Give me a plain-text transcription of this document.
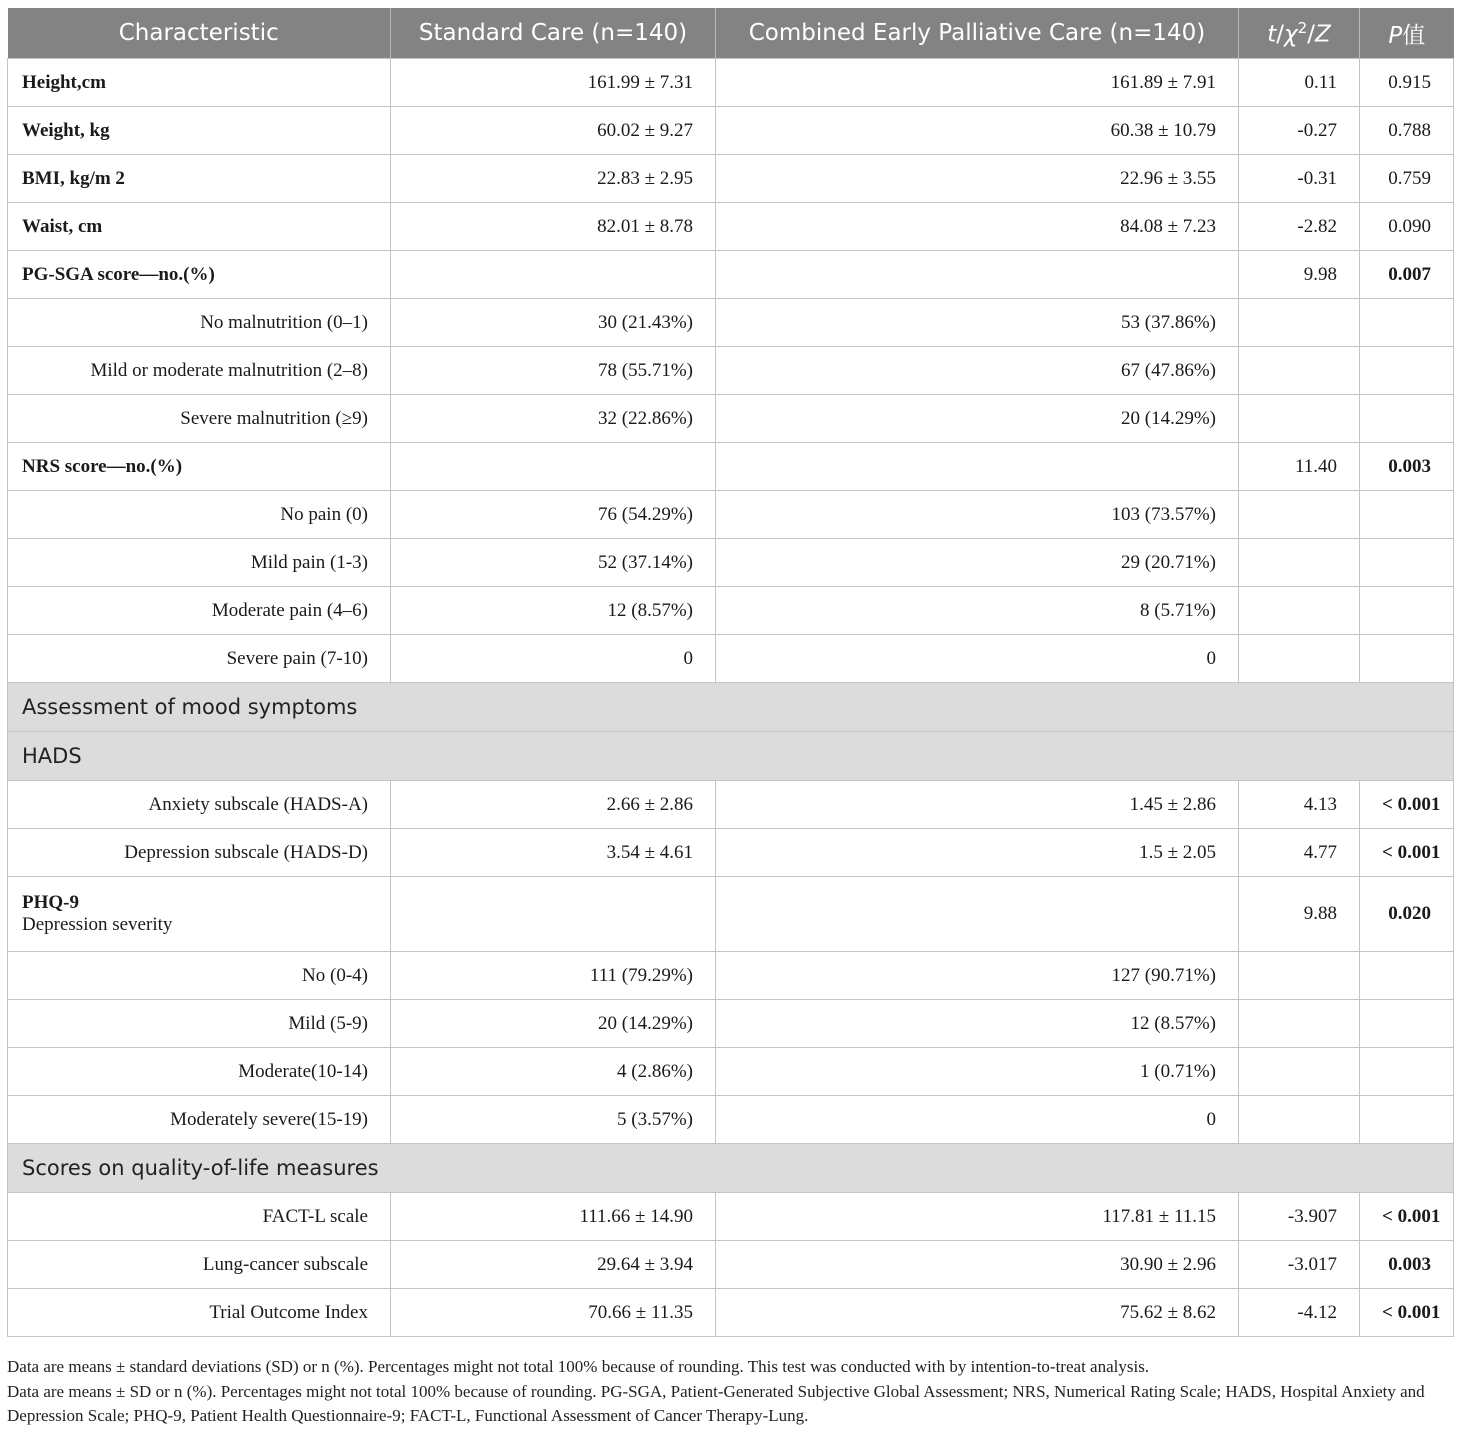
Characteristic	Standard Care (n=140)	Combined Early Palliative Care (n=140)	$t/\chi^2/Z$	P值
Height,cm	161.99 ± 7.31	161.89 ± 7.91	0.11	0.915
Weight, kg	60.02 ± 9.27	60.38 ± 10.79	-0.27	0.788
BMI, kg/m 2	22.83 ± 2.95	22.96 ± 3.55	-0.31	0.759
Waist, cm	82.01 ± 8.78	84.08 ± 7.23	-2.82	0.090
PG-SGA score—no.(%)			9.98	0.007
No malnutrition (0–1)	30 (21.43%)	53 (37.86%)		
Mild or moderate malnutrition (2–8)	78 (55.71%)	67 (47.86%)		
Severe malnutrition (≥9)	32 (22.86%)	20 (14.29%)		
NRS score—no.(%)			11.40	0.003
No pain (0)	76 (54.29%)	103 (73.57%)		
Mild pain (1-3)	52 (37.14%)	29 (20.71%)		
Moderate pain (4–6)	12 (8.57%)	8 (5.71%)		
Severe pain (7-10)	0	0		
Assessment of mood symptoms				
HADS				
Anxiety subscale (HADS-A)	2.66 ± 2.86	1.45 ± 2.86	4.13	< 0.001
Depression subscale (HADS-D)	3.54 ± 4.61	1.5 ± 2.05	4.77	< 0.001

PHQ-9
Depression severity			9.88	0.020
No (0-4)	111 (79.29%)	127 (90.71%)		
Mild (5-9)	20 (14.29%)	12 (8.57%)		
Moderate(10-14)	4 (2.86%)	1 (0.71%)		
Moderately severe(15-19)	5 (3.57%)	0		
Scores on quality-of-life measures				
FACT-L scale	111.66 ± 14.90	117.81 ± 11.15	-3.907	< 0.001
Lung-cancer subscale	29.64 ± 3.94	30.90 ± 2.96	-3.017	0.003
Trial Outcome Index	70.66 ± 11.35	75.62 ± 8.62	-4.12	< 0.001

Data are means ± standard deviations (SD) or n (%). Percentages might not total 100% because of rounding. This test was conducted with by intention-to-treat analysis.

Data are means ± SD or n (%). Percentages might not total 100% because of rounding. PG-SGA, Patient-Generated Subjective Global Assessment; NRS, Numerical Rating Scale; HADS, Hospital Anxiety and Depression Scale; PHQ-9, Patient Health Questionnaire-9; FACT-L, Functional Assessment of Cancer Therapy-Lung.
